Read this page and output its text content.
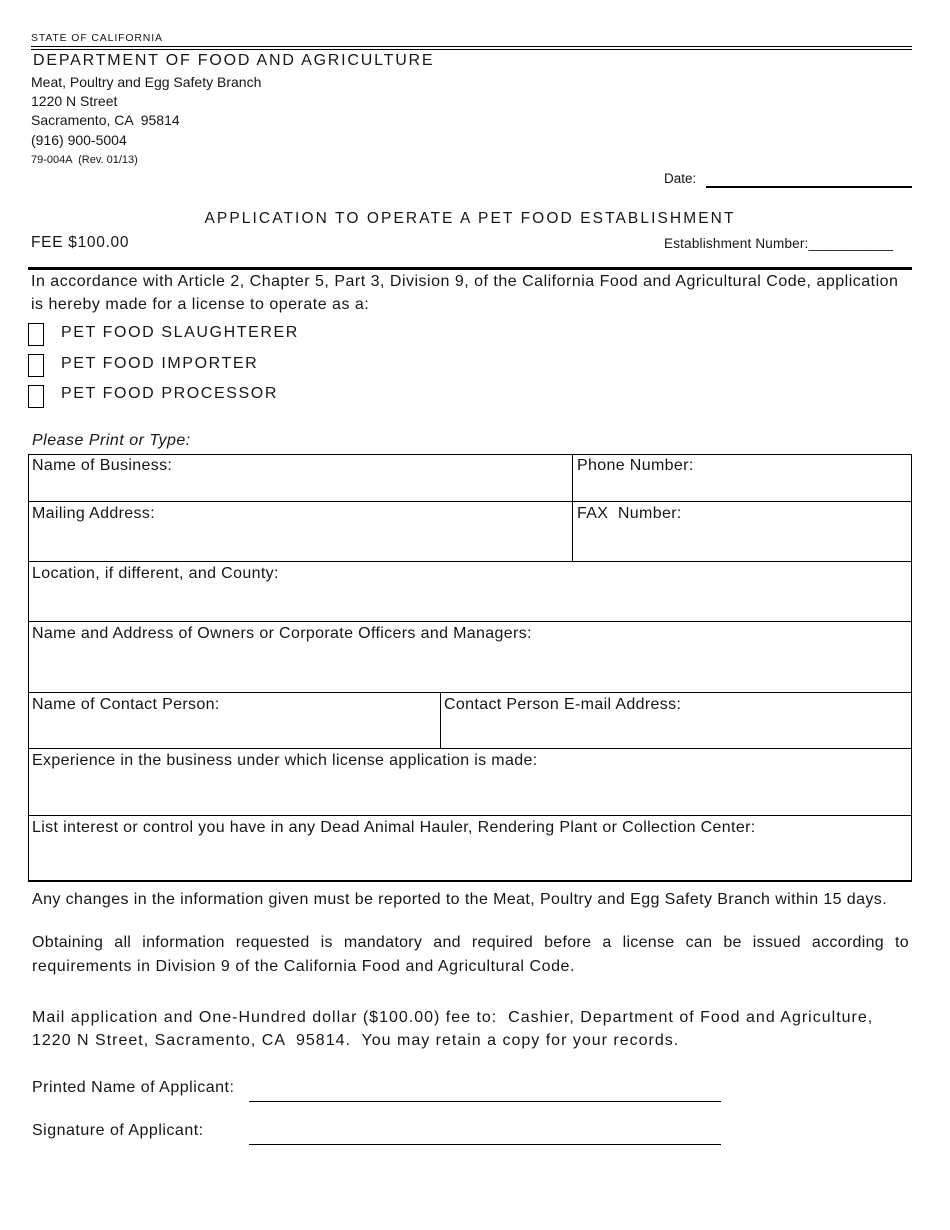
STATE OF CALIFORNIA
DEPARTMENT OF FOOD AND AGRICULTURE
Meat, Poultry and Egg Safety Branch
1220 N Street
Sacramento, CA  95814
(916) 900-5004
79-004A  (Rev. 01/13)
Date:
APPLICATION TO OPERATE A PET FOOD ESTABLISHMENT
FEE $100.00	Establishment Number:___________
In accordance with Article 2, Chapter 5, Part 3, Division 9, of the California Food and Agricultural Code, application
is hereby made for a license to operate as a:
PET FOOD SLAUGHTERER
PET FOOD IMPORTER
PET FOOD PROCESSOR
Please Print or Type:
Name of Business:	Phone Number:
Mailing Address:	FAX  Number:
Location, if different, and County:
Name and Address of Owners or Corporate Officers and Managers:
Name of Contact Person:	Contact Person E-mail Address:
Experience in the business under which license application is made:
List interest or control you have in any Dead Animal Hauler, Rendering Plant or Collection Center:
Any changes in the information given must be reported to the Meat, Poultry and Egg Safety Branch within 15 days.
Obtaining all information requested is mandatory and required before a license can be issued according to
requirements in Division 9 of the California Food and Agricultural Code.
Mail application and One-Hundred dollar ($100.00) fee to:  Cashier, Department of Food and Agriculture,
1220 N Street, Sacramento, CA  95814.  You may retain a copy for your records.
Printed Name of Applicant:
Signature of Applicant:
